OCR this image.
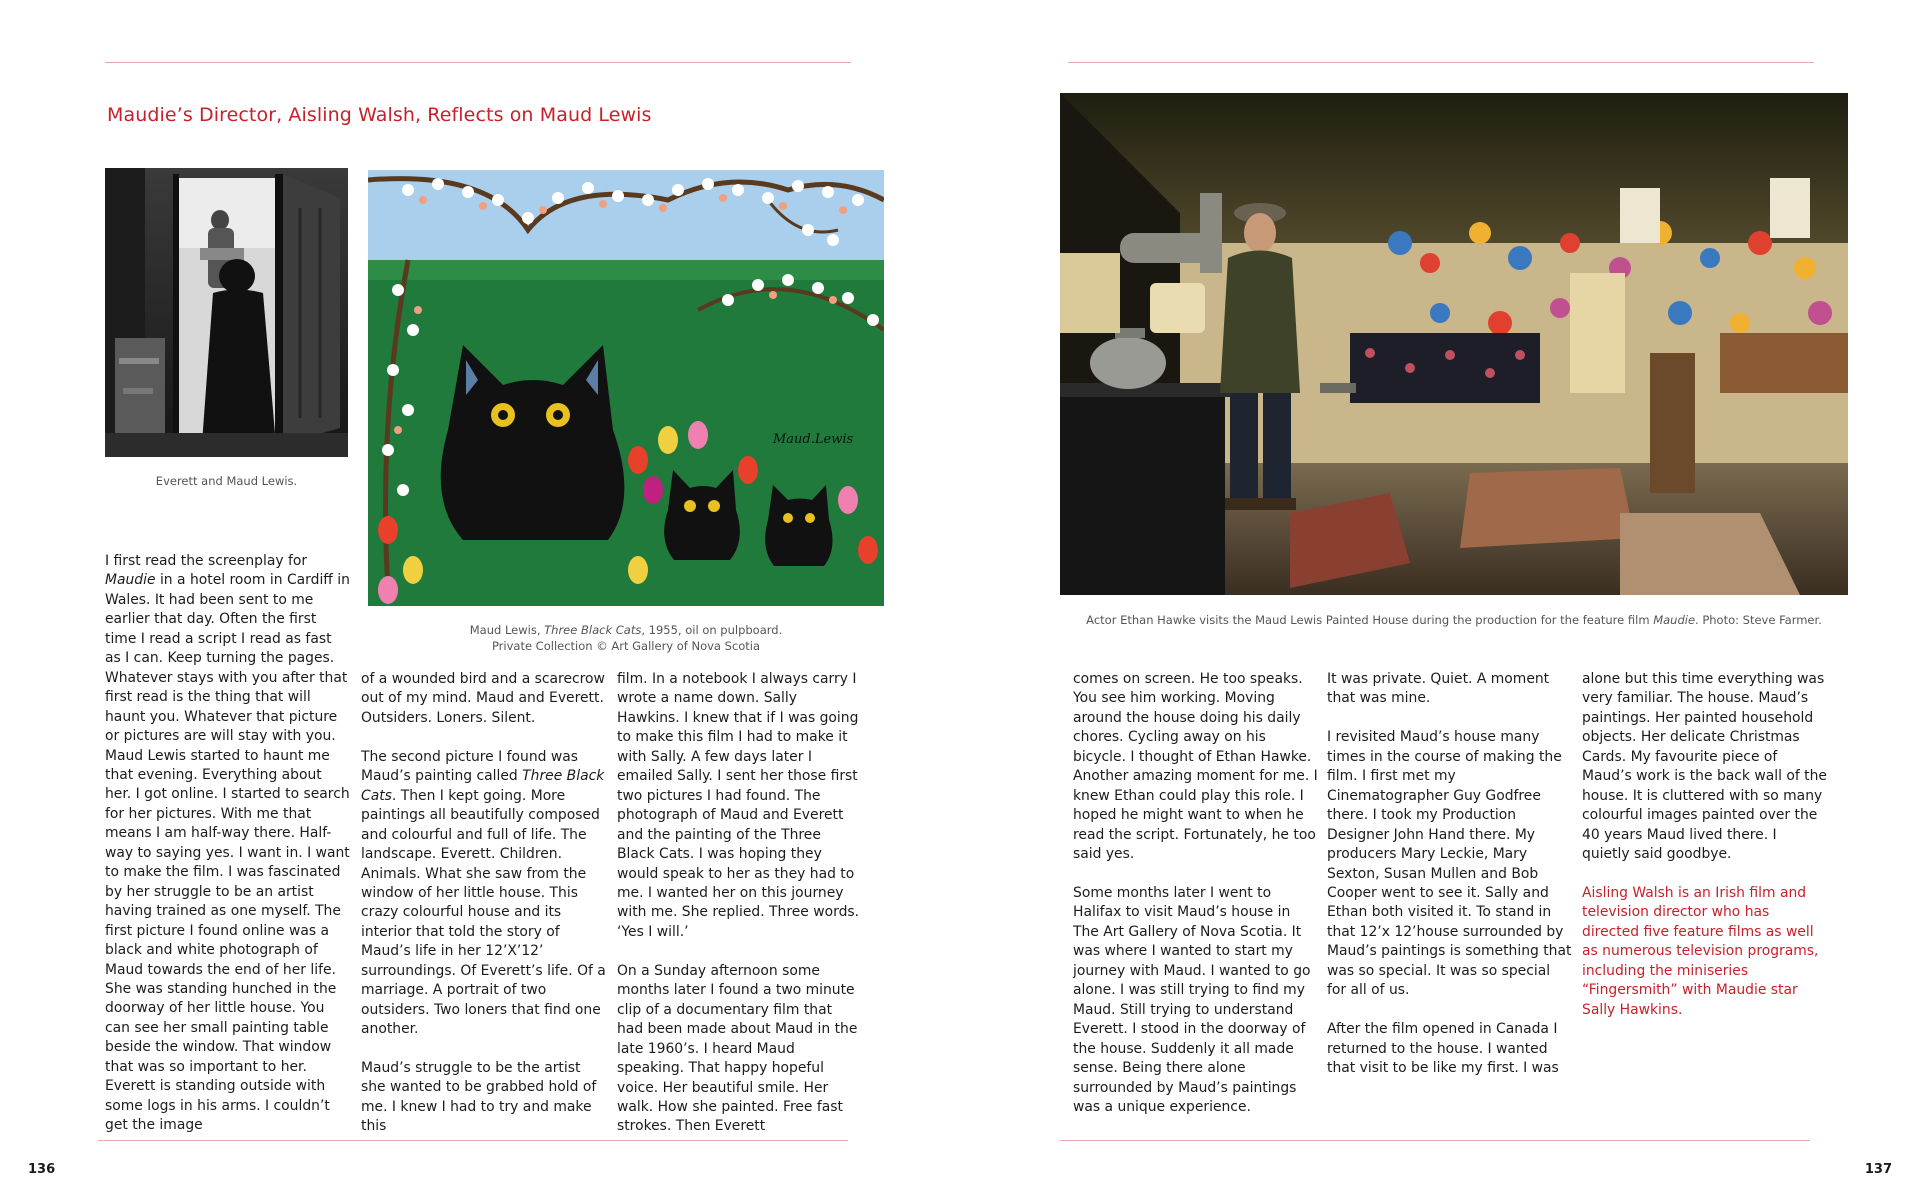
Maudie’s Director, Aisling Walsh, Reflects on Maud Lewis
Everett and Maud Lewis.
Maud.Lewis
Maud Lewis, Three Black Cats, 1955, oil on pulpboard.
Private Collection © Art Gallery of Nova Scotia

I first read the screenplay for Maudie in a hotel room in Cardiff in Wales. It had been sent to me earlier that day. Often the first time I read a script I read as fast as I can. Keep turning the pages. Whatever stays with you after that first read is the thing that will haunt you. Whatever that picture or pictures are will stay with you. Maud Lewis started to haunt me that evening. Everything about her. I got online. I started to search for her pictures. With me that means I am half-way there. Half-way to saying yes. I want in. I want to make the film. I was fascinated by her struggle to be an artist having trained as one myself. The first picture I found online was a black and white photograph of Maud towards the end of her life. She was standing hunched in the doorway of her little house. You can see her small painting table beside the window. That window that was so important to her. Everett is standing outside with some logs in his arms. I couldn’t get the image

of a wounded bird and a scarecrow out of my mind. Maud and Everett. Outsiders. Loners. Silent.

The second picture I found was Maud’s painting called Three Black Cats. Then I kept going. More paintings all beautifully composed and colourful and full of life. The landscape. Everett. Children. Animals. What she saw from the window of her little house. This crazy colourful house and its interior that told the story of Maud’s life in her 12’X’12’ surroundings. Of Everett’s life. Of a marriage. A portrait of two outsiders. Two loners that find one another.

Maud’s struggle to be the artist she wanted to be grabbed hold of me. I knew I had to try and make this

film. In a notebook I always carry I wrote a name down. Sally Hawkins. I knew that if I was going to make this film I had to make it with Sally. A few days later I emailed Sally. I sent her those first two pictures I had found. The photograph of Maud and Everett and the painting of the Three Black Cats. I was hoping they would speak to her as they had to me. I wanted her on this journey with me. She replied. Three words. ‘Yes I will.’

On a Sunday afternoon some months later I found a two minute clip of a documentary film that had been made about Maud in the late 1960’s. I heard Maud speaking. That happy hopeful voice. Her beautiful smile. Her walk. How she painted. Free fast strokes. Then Everett

Actor Ethan Hawke visits the Maud Lewis Painted House during the production for the feature film Maudie. Photo: Steve Farmer.

comes on screen. He too speaks. You see him working. Moving around the house doing his daily chores. Cycling away on his bicycle. I thought of Ethan Hawke. Another amazing moment for me. I knew Ethan could play this role. I hoped he might want to when he read the script. Fortunately, he too said yes.

Some months later I went to Halifax to visit Maud’s house in The Art Gallery of Nova Scotia. It was where I wanted to start my journey with Maud. I wanted to go alone. I was still trying to find my Maud. Still trying to understand Everett. I stood in the doorway of the house. Suddenly it all made sense. Being there alone surrounded by Maud’s paintings was a unique experience.

It was private. Quiet. A moment that was mine.

I revisited Maud’s house many times in the course of making the film. I first met my Cinematographer Guy Godfree there. I took my Production Designer John Hand there. My producers Mary Leckie, Mary Sexton, Susan Mullen and Bob Cooper went to see it. Sally and Ethan both visited it. To stand in that 12’x 12’house surrounded by Maud’s paintings is something that was so special. It was so special for all of us.

After the film opened in Canada I returned to the house. I wanted that visit to be like my first. I was

alone but this time everything was very familiar. The house. Maud’s paintings. Her painted household objects. Her delicate Christmas Cards. My favourite piece of Maud’s work is the back wall of the house. It is cluttered with so many colourful images painted over the 40 years Maud lived there. I quietly said goodbye.

Aisling Walsh is an Irish film and television director who has directed five feature films as well as numerous television programs, including the miniseries “Fingersmith” with Maudie star Sally Hawkins.

136	137
